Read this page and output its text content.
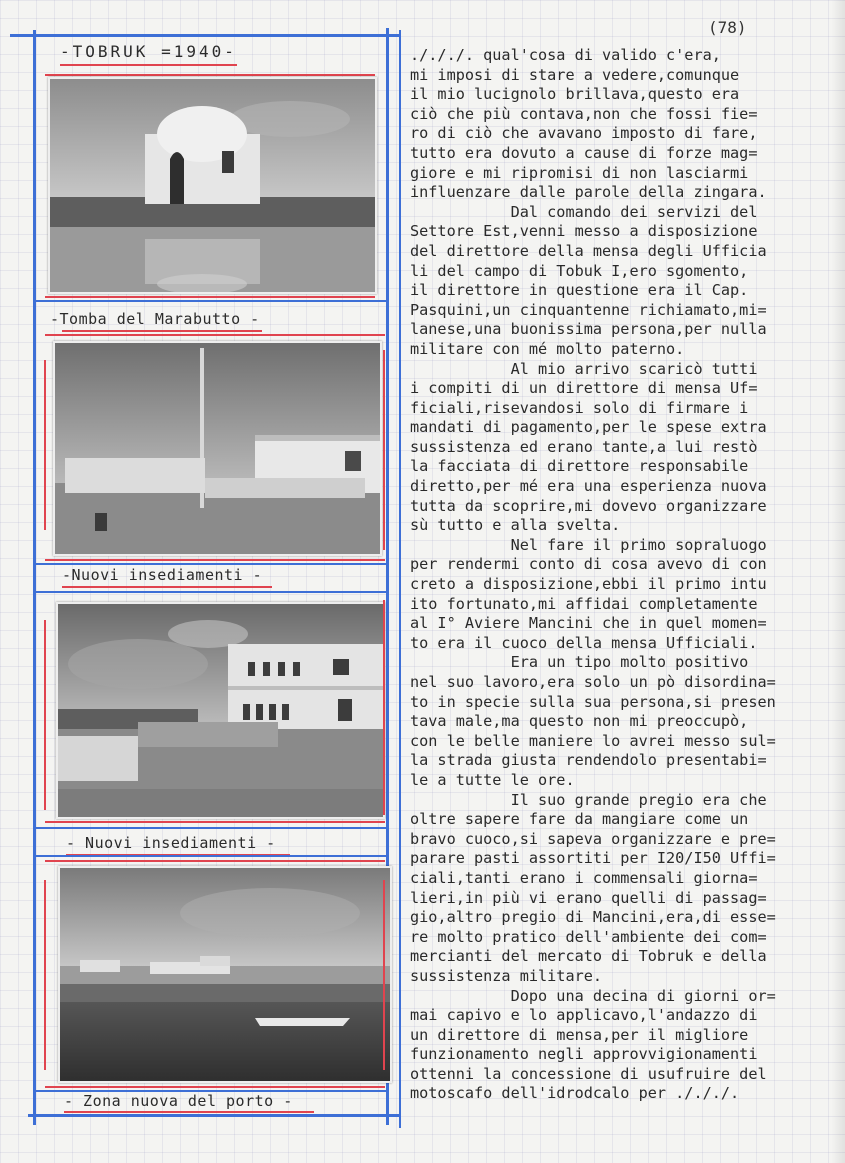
(78)
-TOBRUK =1940-
-Tomba del Marabutto -
-Nuovi insediamenti -
- Nuovi insediamenti -
- Zona nuova del porto -
./././. qual'cosa di valido c'era,
mi imposi di stare a vedere,comunque
il mio lucignolo brillava,questo era
ciò che più contava,non che fossi fie=
ro di ciò che avavano imposto di fare,
tutto era dovuto a cause di forze mag=
giore e mi ripromisi di non lasciarmi
influenzare dalle parole della zingara.
Dal comando dei servizi del
Settore Est,venni messo a disposizione
del direttore della mensa degli Ufficia
li del campo di Tobuk I,ero sgomento,
il direttore in questione era il Cap.
Pasquini,un cinquantenne richiamato,mi=
lanese,una buonissima persona,per nulla
militare con mé molto paterno.
Al mio arrivo scaricò tutti
i compiti di un direttore di mensa Uf=
ficiali,risevandosi solo di firmare i
mandati di pagamento,per le spese extra
sussistenza ed erano tante,a lui restò
la facciata di direttore responsabile
diretto,per mé era una esperienza nuova
tutta da scoprire,mi dovevo organizzare
sù tutto e alla svelta.
Nel fare il primo sopraluogo
per rendermi conto di cosa avevo di con
creto a disposizione,ebbi il primo intu
ito fortunato,mi affidai completamente
al I° Aviere Mancini che in quel momen=
to era il cuoco della mensa Ufficiali.
Era un tipo molto positivo
nel suo lavoro,era solo un pò disordina=
to in specie sulla sua persona,si presen
tava male,ma questo non mi preoccupò,
con le belle maniere lo avrei messo sul=
la strada giusta rendendolo presentabi=
le a tutte le ore.
Il suo grande pregio era che
oltre sapere fare da mangiare come un
bravo cuoco,si sapeva organizzare e pre=
parare pasti assortiti per I20/I50 Uffi=
ciali,tanti erano i commensali giorna=
lieri,in più vi erano quelli di passag=
gio,altro pregio di Mancini,era,di esse=
re molto pratico dell'ambiente dei com=
mercianti del mercato di Tobruk e della
sussistenza militare.
Dopo una decina di giorni or=
mai capivo e lo applicavo,l'andazzo di
un direttore di mensa,per il migliore
funzionamento negli approvvigionamenti
ottenni la concessione di usufruire del
motoscafo dell'idrodcalo per ./././.
